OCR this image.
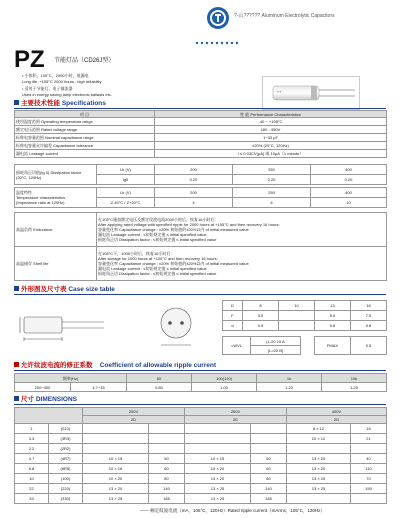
?-山?????? Aluminum Electrolytic Capacitors
PZ 节能灯品（CD26J型）
• 小体积，105°C，2000小时，低漏电
Long life ,+105°C 2000 hours , high reliability
• 适用于节能灯、电子镇流器
Used in energy saving lamp electronic ballasts etc.	? ?
主要技术性能 Specifications
项 目	性 能 Performance Characteristics
使用温度范围 Operating temperature range	-40 ~ +105°C
额定电压范围 Rated voltage range	160 - 450V
标称电容量范围 Nominal capacitance range	1~33 μF
标称电容量允许偏差 Capacitance tolerance	±20% (20°C, 120Hz)
漏电流 Leakage current	I ≤ 0.03CV(μA) 或 10μA（1 minute）
损耗角正切值(tg δ) Dissipation factor
(20°C, 120Hz)	Ur (V)	200	250	400
	tgδ	0.20	0.20	0.20
温度特性
Temperature characteristics
(Impedance ratio at 120Hz)	Ur (V)	200	250	400
	Z-40°C / Z+20°C	4	6	10
高温负荷 Endurance	在105°C施加额定电压及额定纹波电流2000小时后，恢复16小时后：
After applying rated voltage with specified ripple for 2000 hours at +105°C and then recovery 16 hours:
容量变化率 Capacitance change : ±20% 初始值的±20%以内 of initial measured value
漏电流 Leakage current : ≤初始规定值 ≤ initial specified value
损耗角正切 Dissipation factor : ≤初始规定值 ≤ initial specified value

高温储存 Shelf life	在105°C下，1000小时后，恢复16小时后：
After storage for 1000 hours at +105°C and then recovery 16 hours:
容量变化率 Capacitance change : ±20% 初始值的±20%以内 of initial measured value
漏电流 Leakage current : ≤初始规定值 ≤ initial specified value
损耗角正切 Dissipation factor : ≤初始规定值 ≤ initial specified value
外形图及尺寸表 Case size table
D	8	10	13	16
F	3.5		5.0	7.5
d	0.5		0.6	0.8
<WVL	(L-20 15 A		FMAX	0.5
	(L>20 B)			
允许纹波电流的修正系数 Coefficient of allowable ripple current
频率(Hz)		50	100(120)	1k	10k
200~400	4.7~33	0.80	1.00	1.20	1.25
尺寸 DIMENSIONS
		200V		250V		400V	
		2D		2E		2G	
1	(010)					8 × 12	16
3.3	(3R3)					10 × 12	21
2.2	(2R2)						
4.7	(4R7)	10 × 15	50	10 × 15	50	13 × 20	40
6.8	(6R8)	10 × 16	60	10 × 20	60	13 × 20	110
10	(100)	10 × 20	80	13 × 20	80	13 × 25	70
22	(220)	13 × 20	140	13 × 25	140	13 × 25	150
33	(330)	13 × 25	185	13 × 25	185		
—— 额定纹波电流（mA，105°C，120Hz）Rated ripple current（mArms，105°C，120Hz）
